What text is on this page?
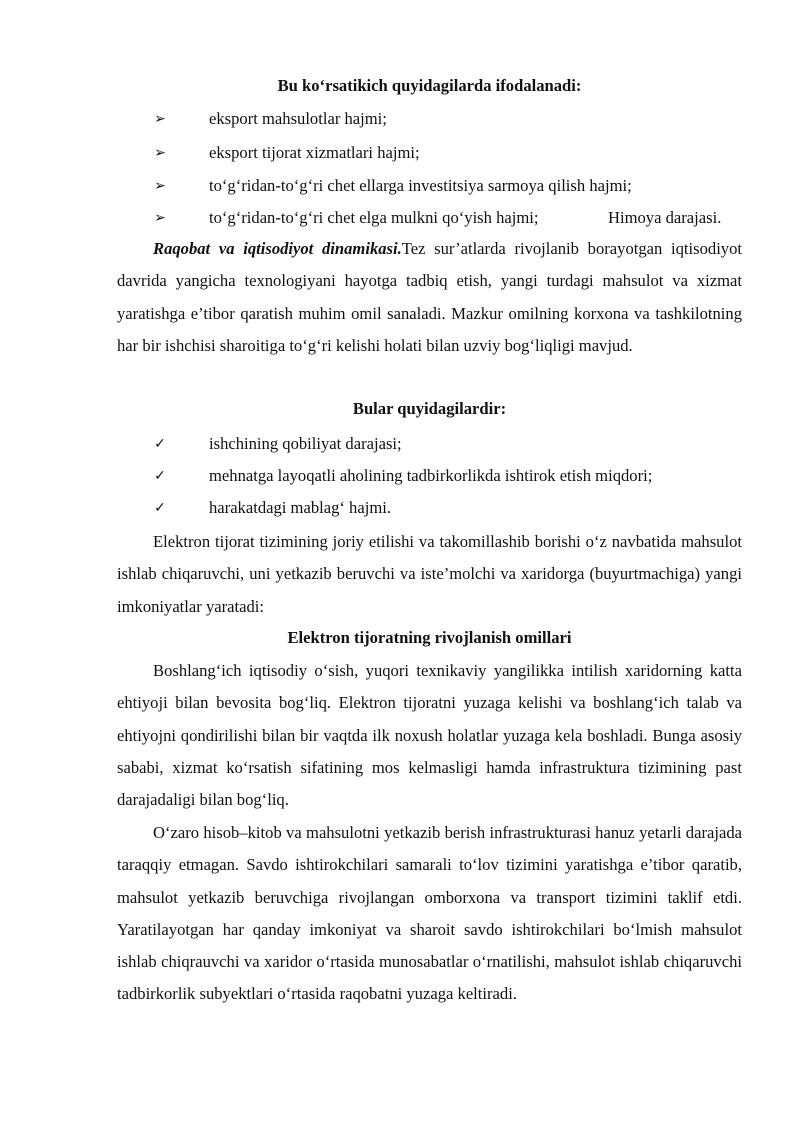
Bu ko‘rsatikich quyidagilarda ifodalanadi:
➢	eksport mahsulotlar hajmi;
➢	eksport tijorat xizmatlari hajmi;
➢	to‘g‘ridan-to‘g‘ri chet ellarga investitsiya sarmoya qilish hajmi;
➢	to‘g‘ridan-to‘g‘ri chet elga mulkni qo‘yish hajmi;	Himoya darajasi.

Raqobat va iqtisodiyot dinamikasi.Tez sur’atlarda rivojlanib borayotgan iqtisodiyot davrida yangicha texnologiyani hayotga tadbiq etish, yangi turdagi mahsulot va xizmat yaratishga e’tibor qaratish muhim omil sanaladi. Mazkur omilning korxona va tashkilotning har bir ishchisi sharoitiga to‘g‘ri kelishi holati bilan uzviy bog‘liqligi mavjud.

Bular quyidagilardir:
✓	ishchining qobiliyat darajasi;
✓	mehnatga layoqatli aholining tadbirkorlikda ishtirok etish miqdori;
✓	harakatdagi mablag‘ hajmi.

Elektron tijorat tizimining joriy etilishi va takomillashib borishi o‘z navbatida mahsulot ishlab chiqaruvchi, uni yetkazib beruvchi va iste’molchi va xaridorga (buyurtmachiga) yangi imkoniyatlar yaratadi:

Elektron tijoratning rivojlanish omillari

Boshlang‘ich iqtisodiy o‘sish, yuqori texnikaviy yangilikka intilish xaridorning katta ehtiyoji bilan bevosita bog‘liq. Elektron tijoratni yuzaga kelishi va boshlang‘ich talab va ehtiyojni qondirilishi bilan bir vaqtda ilk noxush holatlar yuzaga kela boshladi. Bunga asosiy sababi, xizmat ko‘rsatish sifatining mos kelmasligi hamda infrastruktura tizimining past darajadaligi bilan bog‘liq.

O‘zaro hisob–kitob va mahsulotni yetkazib berish infrastrukturasi hanuz yetarli darajada taraqqiy etmagan. Savdo ishtirokchilari samarali to‘lov tizimini yaratishga e’tibor qaratib, mahsulot yetkazib beruvchiga rivojlangan omborxona va transport tizimini taklif etdi. Yaratilayotgan har qanday imkoniyat va sharoit savdo ishtirokchilari bo‘lmish mahsulot ishlab chiqrauvchi va xaridor o‘rtasida munosabatlar o‘rnatilishi, mahsulot ishlab chiqaruvchi tadbirkorlik subyektlari o‘rtasida raqobatni yuzaga keltiradi.
